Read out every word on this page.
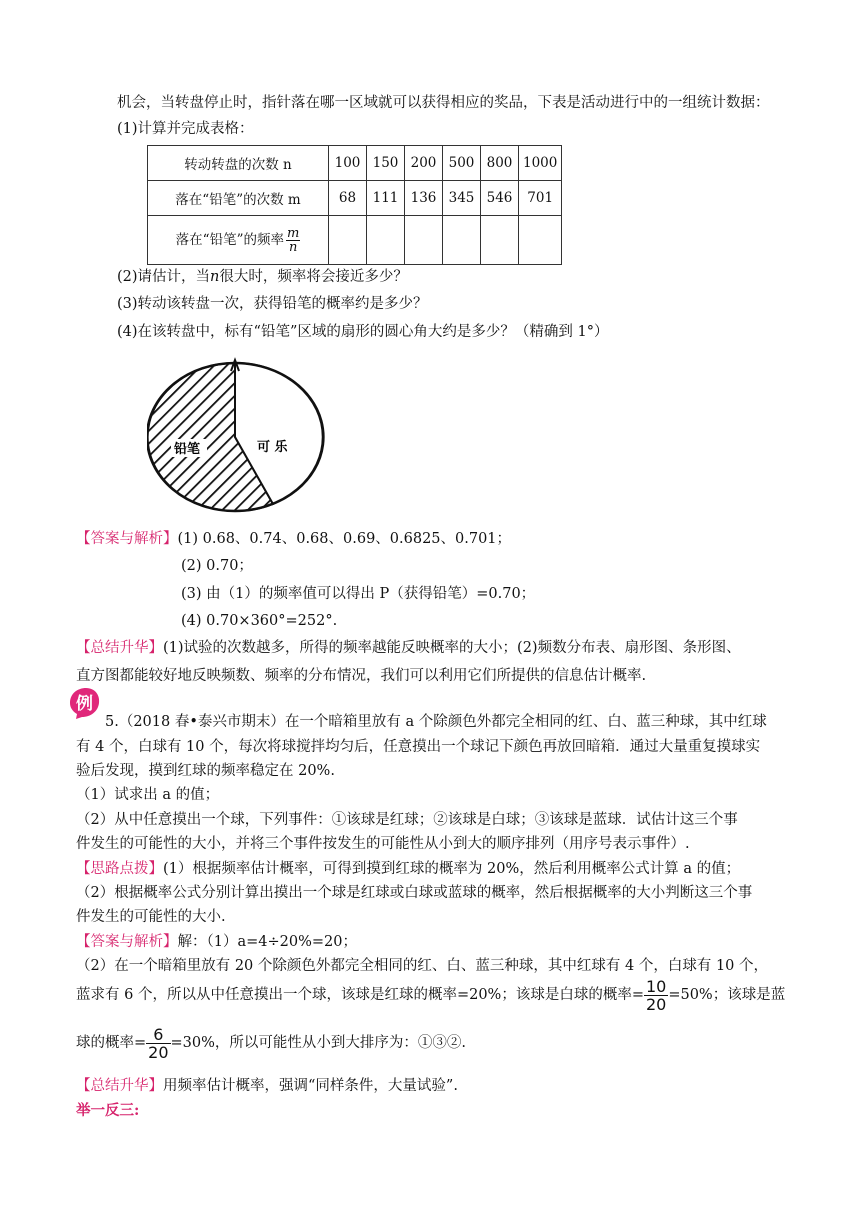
机会，当转盘停止时，指针落在哪一区域就可以获得相应的奖品，下表是活动进行中的一组统计数据：
(1)计算并完成表格：
转动转盘的次数 n	100	150	200	500	800	1000
落在“铅笔”的次数 m	68	111	136	345	546	701
落在“铅笔”的频率 $\frac{m}{n}$

(2)请估计，当n很大时，频率将会接近多少？
(3)转动该转盘一次，获得铅笔的概率约是多少？
(4)在该转盘中，标有“铅笔”区域的扇形的圆心角大约是多少？（精确到 1°）
铅笔	可 乐
【答案与解析】(1) 0.68、0.74、0.68、0.69、0.6825、0.701；
(2) 0.70；
(3) 由（1）的频率值可以得出 P（获得铅笔）=0.70；
(4) 0.70×360°=252°.
【总结升华】(1)试验的次数越多，所得的频率越能反映概率的大小；(2)频数分布表、扇形图、条形图、
直方图都能较好地反映频数、频率的分布情况，我们可以利用它们所提供的信息估计概率.
例
5.（2018 春•泰兴市期末）在一个暗箱里放有 a 个除颜色外都完全相同的红、白、蓝三种球，其中红球
有 4 个，白球有 10 个，每次将球搅拌均匀后，任意摸出一个球记下颜色再放回暗箱．通过大量重复摸球实
验后发现，摸到红球的频率稳定在 20%.
（1）试求出 a 的值；
（2）从中任意摸出一个球，下列事件：①该球是红球；②该球是白球；③该球是蓝球．试估计这三个事
件发生的可能性的大小，并将三个事件按发生的可能性从小到大的顺序排列（用序号表示事件）.
【思路点拨】(1）根据频率估计概率，可得到摸到红球的概率为 20%，然后利用概率公式计算 a 的值；
（2）根据概率公式分别计算出摸出一个球是红球或白球或蓝球的概率，然后根据概率的大小判断这三个事
件发生的可能性的大小.
【答案与解析】解：（1）a=4÷20%=20；
（2）在一个暗箱里放有 20 个除颜色外都完全相同的红、白、蓝三种球，其中红球有 4 个，白球有 10 个，
蓝求有 6 个，所以从中任意摸出一个球，该球是红球的概率=20%；该球是白球的概率= $\frac{10}{20} =50\%$；该球是蓝
球的概率= $\frac{6}{20} =30\%$，所以可能性从小到大排序为：①③②.
【总结升华】用频率估计概率，强调“同样条件，大量试验”.
举一反三:
